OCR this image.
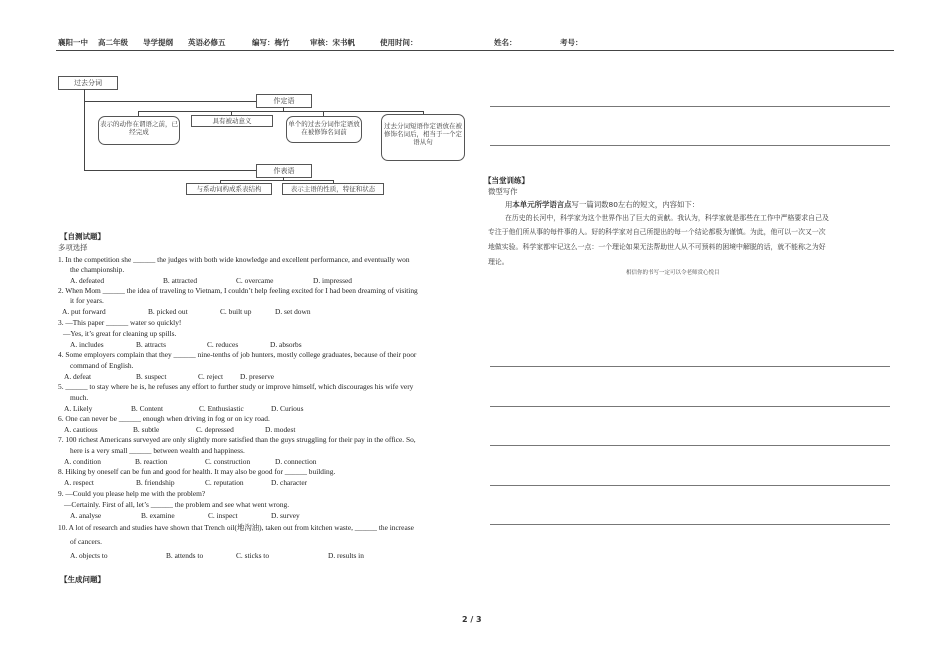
襄阳一中 高二年级 导学提纲 英语必修五	编写：梅竹	审核：宋书帆	使用时间：	姓名：	考号：
过去分词
作定语
表示的动作在谓语之前，已经完成
具有被动意义	单个的过去分词作定语放在被修饰名词前
过去分词短语作定语放在被修饰名词后，相当于一个定语从句
作表语
与系动词构成系表结构	表示主语的性质，特征和状态
【自测试题】
多项选择
1. In the competition she ______ the judges with both wide knowledge and excellent performance, and eventually won
the championship.
A. defeated	B. attracted	C. overcame	D. impressed
2. When Mom ______ the idea of traveling to Vietnam, I couldn’t help feeling excited for I had been dreaming of visiting
it for years.
A. put forward	B. picked out	C. built up	D. set down
3. —This paper ______ water so quickly!
—Yes, it’s great for cleaning up spills.
A. includes	B. attracts	C. reduces	D. absorbs
4. Some employers complain that they ______ nine-tenths of job hunters, mostly college graduates, because of their poor
command of English.
A. defeat	B. suspect	C. reject D. preserve
5. ______ to stay where he is, he refuses any effort to further study or improve himself, which discourages his wife very
much.
A. Likely	B. Content	C. Enthusiastic	D. Curious
6. One can never be ______ enough when driving in fog or on icy road.
A. cautious	B. subtle	C. depressed	D. modest
7. 100 richest Americans surveyed are only slightly more satisfied than the guys struggling for their pay in the office. So,
here is a very small ______ between wealth and happiness.
A. condition	B. reaction	C. construction	D. connection
8. Hiking by oneself can be fun and good for health. It may also be good for ______ building.
A. respect	B. friendship	C. reputation	D. character
9. —Could you please help me with the problem?
—Certainly. First of all, let’s ______ the problem and see what went wrong.
A. analyse	B. examine	C. inspect	D. survey
10. A lot of research and studies have shown that Trench oil(地沟油), taken out from kitchen waste, ______ the increase
of cancers.
A. objects to	B. attends to	C. sticks to	D. results in
【生成问题】
【当堂训练】
微型写作
用本单元所学语言点写一篇词数80左右的短文，内容如下：
在历史的长河中，科学家为这个世界作出了巨大的贡献。我认为，科学家就是那些在工作中严格要求自己及
专注于他们所从事的每件事的人。好的科学家对自己所提出的每一个结论都极为谨慎。为此，他可以一次又一次
地做实验。科学家都牢记这么一点：一个理论如果无法帮助世人从不可预料的困境中解脱的话，就不能称之为好
理论。
相信你的书写一定可以令老师赏心悦目
2 / 3
